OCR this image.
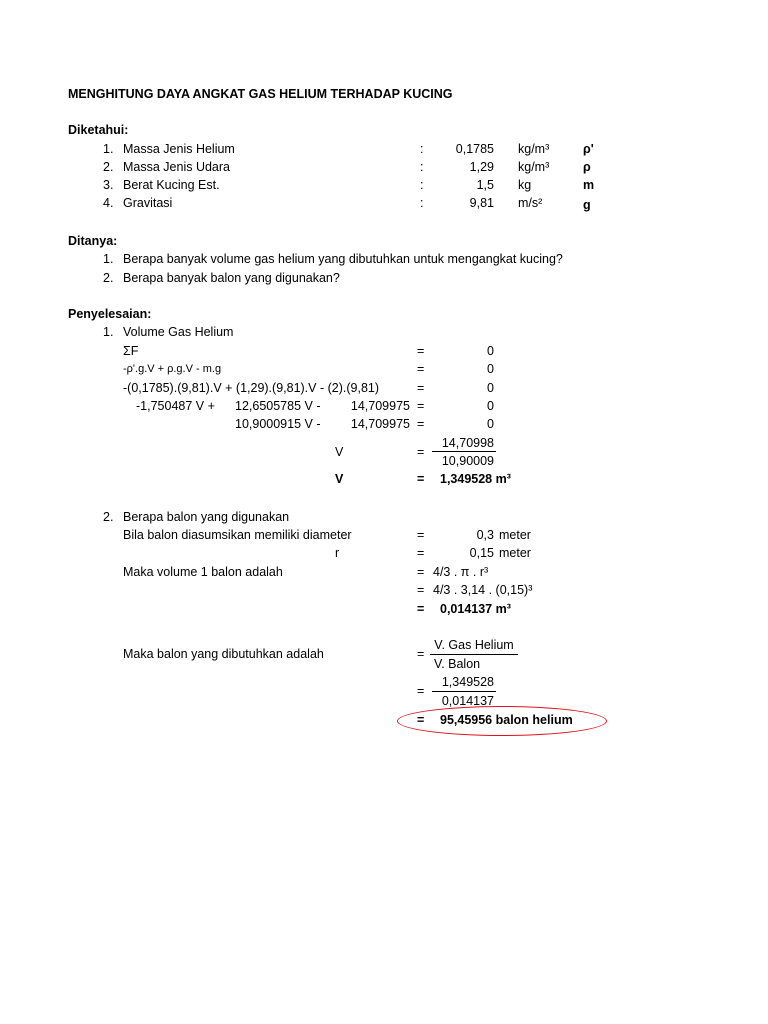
MENGHITUNG DAYA ANGKAT GAS HELIUM TERHADAP KUCING
Diketahui:
1. Massa Jenis Helium	:	0,1785 kg/m³	ρ'
2. Massa Jenis Udara	:	1,29 kg/m³	ρ
3. Berat Kucing Est.	:	1,5 kg	m
4. Gravitasi	:	9,81 m/s²	g
Ditanya:
1. Berapa banyak volume gas helium yang dibutuhkan untuk mengangkat kucing?
2. Berapa banyak balon yang digunakan?
Penyelesaian:
1. Volume Gas Helium
ΣF	=	0
-ρ'.g.V + ρ.g.V - m.g	=	0
-(0,1785).(9,81).V + (1,29).(9,81).V - (2).(9,81)	=	0
-1,750487 V + 12,6505785 V -	14,709975 =	0
10,9000915 V -	14,709975 =	0
14,70998
V	=
10,90009
V	= 1,349528 m³
2. Berapa balon yang digunakan
Bila balon diasumsikan memiliki diameter	=	0,3 meter
r	=	0,15 meter
Maka volume 1 balon adalah	= 4/3 . π . r³
= 4/3 . 3,14 . (0,15)³
= 0,014137 m³
V. Gas Helium
Maka balon yang dibutuhkan adalah	=
V. Balon
1,349528
=
0,014137
= 95,45956 balon helium
